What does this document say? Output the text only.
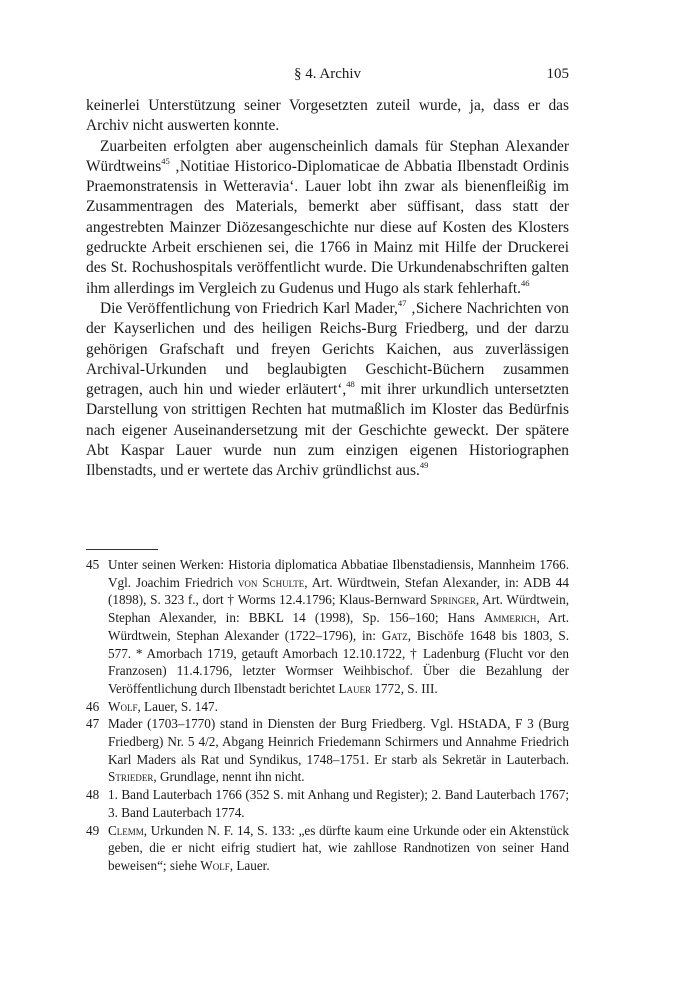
§ 4. Archiv	105

keinerlei Unterstützung seiner Vorgesetzten zuteil wurde, ja, dass er das Archiv nicht auswerten konnte.

Zuarbeiten erfolgten aber augenscheinlich damals für Stephan Alexander Würdtweins$^{45}$ ‚Notitiae Historico-Diplomaticae de Abbatia Ilbenstadt Ordinis Praemonstratensis in Wetteravia‘. Lauer lobt ihn zwar als bienenfleißig im Zusammentragen des Materials, bemerkt aber süffisant, dass statt der angestrebten Mainzer Diözesangeschichte nur diese auf Kosten des Klosters gedruckte Arbeit erschienen sei, die 1766 in Mainz mit Hilfe der Druckerei des St. Rochushospitals veröffentlicht wurde. Die Urkundenabschriften galten ihm allerdings im Vergleich zu Gudenus und Hugo als stark fehlerhaft.$^{46}$

Die Veröffentlichung von Friedrich Karl Mader,$^{47}$ ‚Sichere Nachrichten von der Kayserlichen und des heiligen Reichs-Burg Friedberg, und der darzu gehörigen Grafschaft und freyen Gerichts Kaichen, aus zuverlässigen Archival-Urkunden und beglaubigten Geschicht-Büchern zusammen getragen, auch hin und wieder erläutert‘,$^{48}$ mit ihrer urkundlich untersetzten Darstellung von strittigen Rechten hat mutmaßlich im Kloster das Bedürfnis nach eigener Auseinandersetzung mit der Geschichte geweckt. Der spätere Abt Kaspar Lauer wurde nun zum einzigen eigenen Historiographen Ilbenstadts, und er wertete das Archiv gründlichst aus.$^{49}$

45 Unter seinen Werken: Historia diplomatica Abbatiae Ilbenstadiensis, Mannheim 1766. Vgl. Joachim Friedrich von Schulte, Art. Würdtwein, Stefan Alexander, in: ADB 44 (1898), S. 323 f., dort † Worms 12.4.1796; Klaus-Bernward Springer, Art. Würdtwein, Stephan Alexander, in: BBKL 14 (1998), Sp. 156–160; Hans Ammerich, Art. Würdtwein, Stephan Alexander (1722–1796), in: Gatz, Bischöfe 1648 bis 1803, S. 577. * Amorbach 1719, getauft Amorbach 12.10.1722, † Ladenburg (Flucht vor den Franzosen) 11.4.1796, letzter Wormser Weihbischof. Über die Bezahlung der Veröffentlichung durch Ilbenstadt berichtet Lauer 1772, S. III.
46 Wolf, Lauer, S. 147.
47 Mader (1703–1770) stand in Diensten der Burg Friedberg. Vgl. HStADA, F 3 (Burg Friedberg) Nr. 5 4/2, Abgang Heinrich Friedemann Schirmers und Annahme Friedrich Karl Maders als Rat und Syndikus, 1748–1751. Er starb als Sekretär in Lauterbach. Strieder, Grundlage, nennt ihn nicht.
48 1. Band Lauterbach 1766 (352 S. mit Anhang und Register); 2. Band Lauterbach 1767; 3. Band Lauterbach 1774.
49 Clemm, Urkunden N. F. 14, S. 133: „es dürfte kaum eine Urkunde oder ein Aktenstück geben, die er nicht eifrig studiert hat, wie zahllose Randnotizen von seiner Hand beweisen“; siehe Wolf, Lauer.
